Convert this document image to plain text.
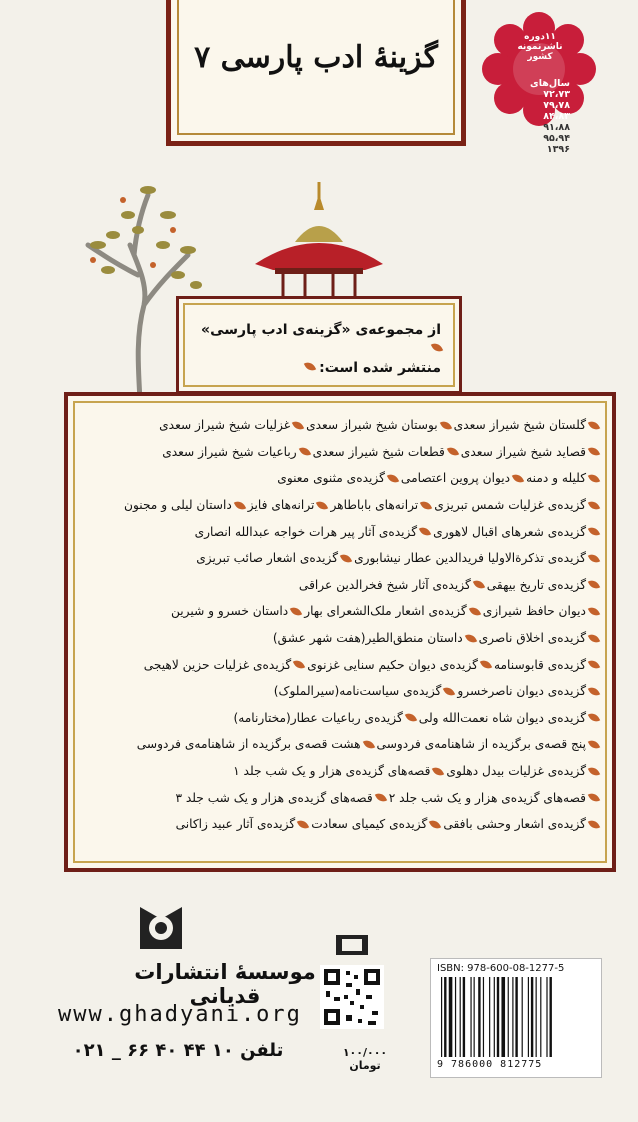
گزینهٔ ادب پارسی ۷
۱۱دوره
ناشرنمونه
کشور
سال‌های
۷۲،۷۳
۷۹،۷۸
۸۴،۸۳
۹۱،۸۸
۹۵،۹۴
۱۳۹۶
از مجموعه‌ی «گزینه‌ی ادب پارسی»
منتشر شده است:
گلستان شیخ شیراز سعدی
بوستان شیخ شیراز سعدی
غزلیات شیخ شیراز سعدی
قصاید شیخ شیراز سعدی
قطعات شیخ شیراز سعدی
رباعیات شیخ شیراز سعدی
کلیله و دمنه
دیوان پروین اعتصامی
گزیده‌ی مثنوی معنوی
گزیده‌ی غزلیات شمس تبریزی
ترانه‌های باباطاهر
ترانه‌های فایز
داستان لیلی و مجنون
گزیده‌ی شعرهای اقبال لاهوری
گزیده‌ی آثار پیر هرات خواجه عبدالله انصاری
گزیده‌ی تذکرة‌الاولیا فریدالدین عطار نیشابوری
گزیده‌ی اشعار صائب تبریزی
گزیده‌ی تاریخ بیهقی
گزیده‌ی آثار شیخ فخرالدین عراقی
دیوان حافظ شیرازی
گزیده‌ی اشعار ملک‌الشعرای بهار
داستان خسرو و شیرین
گزیده‌ی اخلاق ناصری
داستان منطق‌الطیر(هفت شهر عشق)
گزیده‌ی قابوسنامه
گزیده‌ی دیوان حکیم سنایی غزنوی
گزیده‌ی غزلیات حزین لاهیجی
گزیده‌ی دیوان ناصرخسرو
گزیده‌ی سیاست‌نامه(سیرالملوک)
گزیده‌ی دیوان شاه نعمت‌الله ولی
گزیده‌ی رباعیات عطار(مختارنامه)
پنج قصه‌ی برگزیده از شاهنامه‌ی فردوسی
هشت قصه‌ی برگزیده از شاهنامه‌ی فردوسی
گزیده‌ی غزلیات بیدل دهلوی
قصه‌های گزیده‌ی هزار و یک شب جلد ۱
قصه‌های گزیده‌ی هزار و یک شب جلد ۲
قصه‌های گزیده‌ی هزار و یک شب جلد ۳
گزیده‌ی اشعار وحشی بافقی
گزیده‌ی کیمیای سعادت
گزیده‌ی آثار عبید زاکانی
موسسهٔ انتشارات قدیانی
www.ghadyani.org
تلفن ۱۰ ۴۴ ۴۰ ۶۶ _ ۰۲۱	۱۰۰/۰۰۰ تومان
ISBN: 978-600-08-1277-5
9 786000 812775
